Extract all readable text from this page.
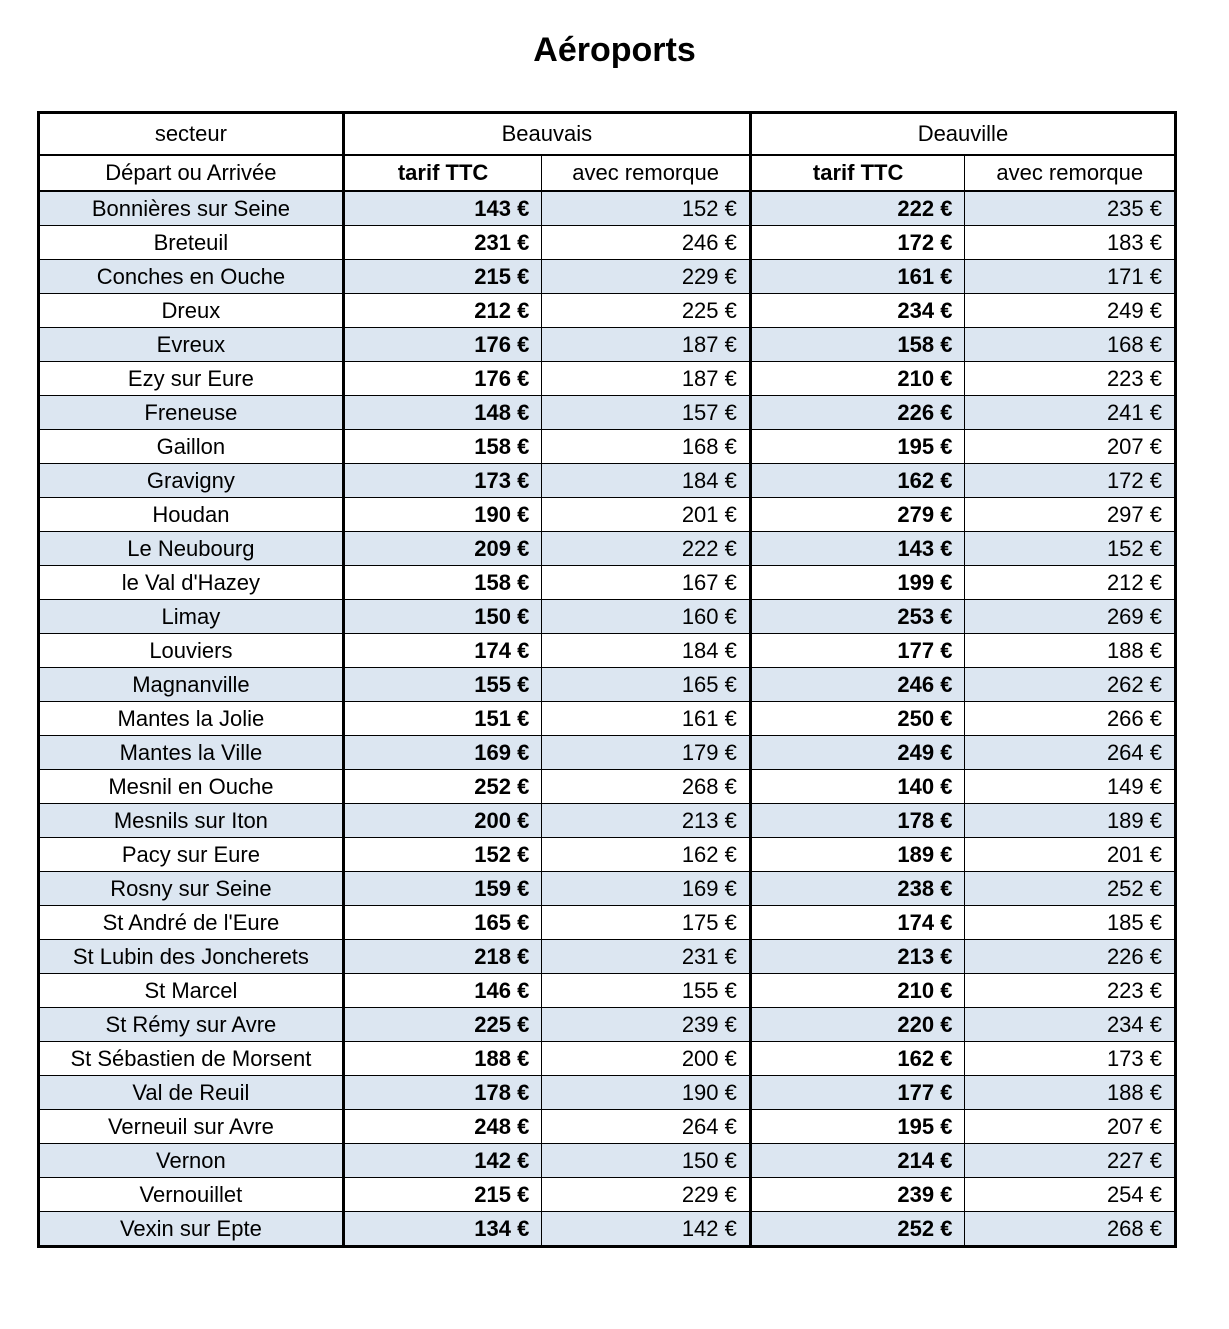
Aéroports
secteur	Beauvais		Deauville	
Départ ou Arrivée	tarif TTC	avec remorque	tarif TTC	avec remorque
Bonnières sur Seine	143 €	152 €	222 €	235 €
Breteuil	231 €	246 €	172 €	183 €
Conches en Ouche	215 €	229 €	161 €	171 €
Dreux	212 €	225 €	234 €	249 €
Evreux	176 €	187 €	158 €	168 €
Ezy sur Eure	176 €	187 €	210 €	223 €
Freneuse	148 €	157 €	226 €	241 €
Gaillon	158 €	168 €	195 €	207 €
Gravigny	173 €	184 €	162 €	172 €
Houdan	190 €	201 €	279 €	297 €
Le Neubourg	209 €	222 €	143 €	152 €
le Val d'Hazey	158 €	167 €	199 €	212 €
Limay	150 €	160 €	253 €	269 €
Louviers	174 €	184 €	177 €	188 €
Magnanville	155 €	165 €	246 €	262 €
Mantes la Jolie	151 €	161 €	250 €	266 €
Mantes la Ville	169 €	179 €	249 €	264 €
Mesnil en Ouche	252 €	268 €	140 €	149 €
Mesnils sur Iton	200 €	213 €	178 €	189 €
Pacy sur Eure	152 €	162 €	189 €	201 €
Rosny sur Seine	159 €	169 €	238 €	252 €
St André de l'Eure	165 €	175 €	174 €	185 €
St Lubin des Joncherets	218 €	231 €	213 €	226 €
St Marcel	146 €	155 €	210 €	223 €
St Rémy sur Avre	225 €	239 €	220 €	234 €
St Sébastien de Morsent	188 €	200 €	162 €	173 €
Val de Reuil	178 €	190 €	177 €	188 €
Verneuil sur Avre	248 €	264 €	195 €	207 €
Vernon	142 €	150 €	214 €	227 €
Vernouillet	215 €	229 €	239 €	254 €
Vexin sur Epte	134 €	142 €	252 €	268 €
